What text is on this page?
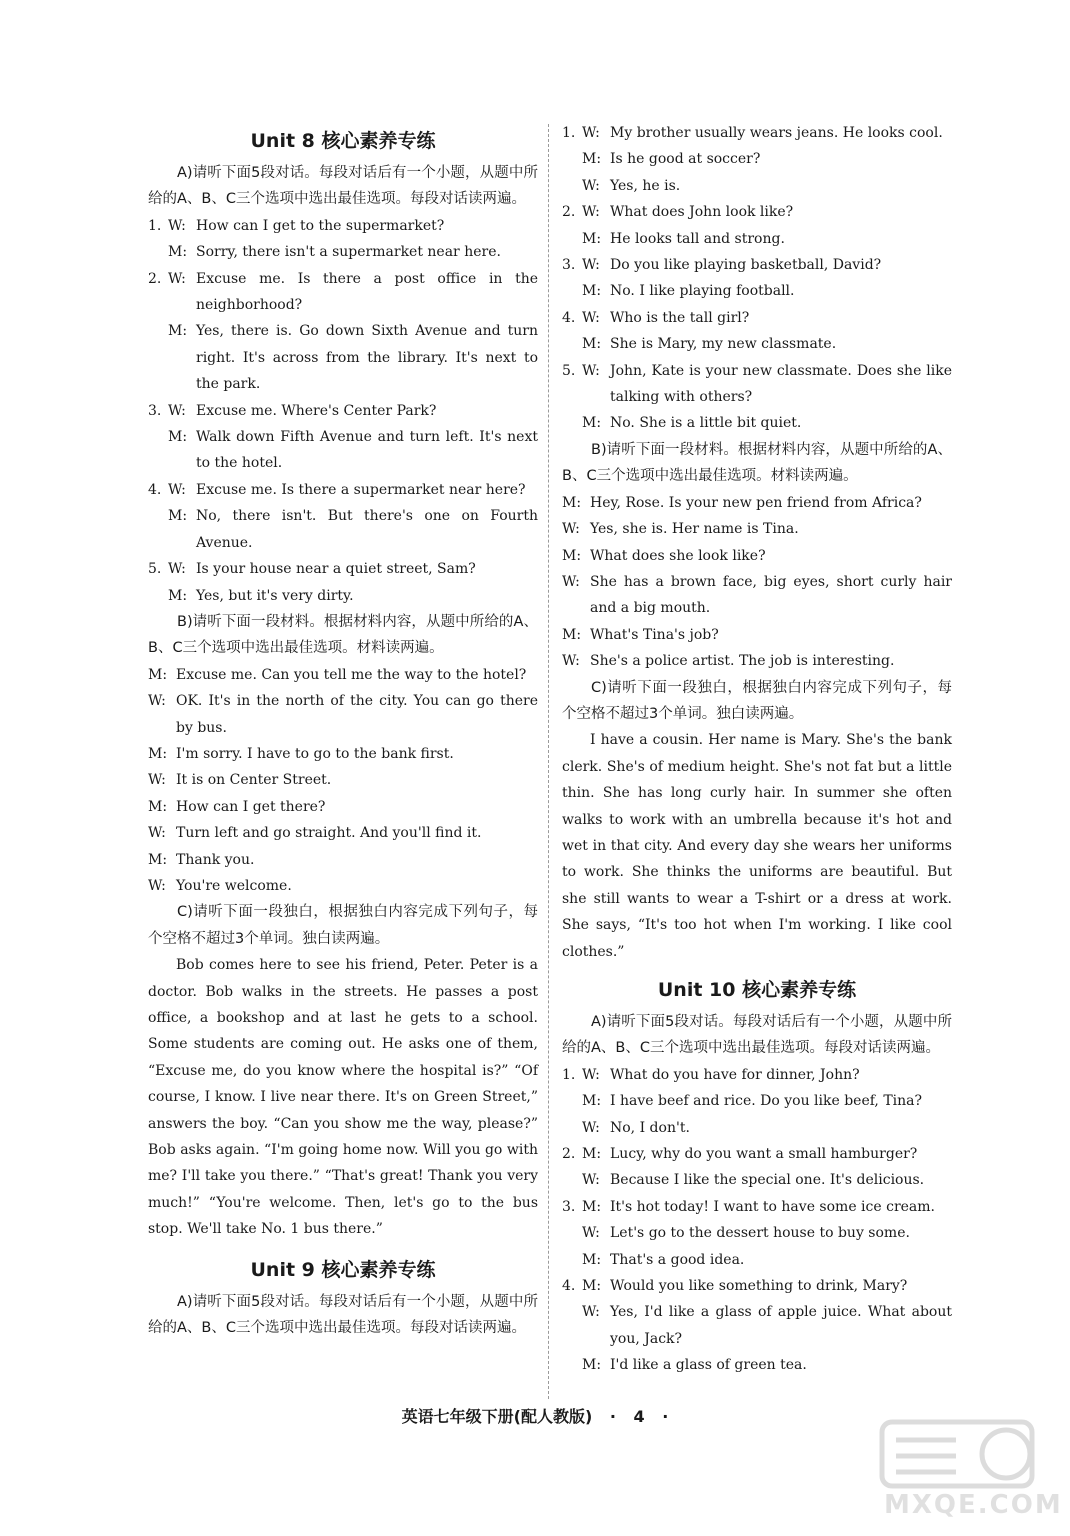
Unit 8 核心素养专练

A)请听下面5段对话。每段对话后有一个小题，从题中所给的A、B、C三个选项中选出最佳选项。每段对话读两遍。

1. W: How can I get to the supermarket?
M: Sorry, there isn't a supermarket near here.
2. W: Excuse me. Is there a post office in the neighborhood?
M: Yes, there is. Go down Sixth Avenue and turn right. It's across from the library. It's next to the park.
3. W: Excuse me. Where's Center Park?
M: Walk down Fifth Avenue and turn left. It's next to the hotel.
4. W: Excuse me. Is there a supermarket near here?
M: No, there isn't. But there's one on Fourth Avenue.
5. W: Is your house near a quiet street, Sam?
M: Yes, but it's very dirty.

B)请听下面一段材料。根据材料内容，从题中所给的A、B、C三个选项中选出最佳选项。材料读两遍。

M: Excuse me. Can you tell me the way to the hotel?
W: OK. It's in the north of the city. You can go there by bus.
M: I'm sorry. I have to go to the bank first.
W: It is on Center Street.
M: How can I get there?
W: Turn left and go straight. And you'll find it.
M: Thank you.
W: You're welcome.

C)请听下面一段独白，根据独白内容完成下列句子，每个空格不超过3个单词。独白读两遍。

Bob comes here to see his friend, Peter. Peter is a doctor. Bob walks in the streets. He passes a post office, a bookshop and at last he gets to a school. Some students are coming out. He asks one of them, “Excuse me, do you know where the hospital is?” “Of course, I know. I live near there. It's on Green Street,” answers the boy. “Can you show me the way, please?” Bob asks again. “I'm going home now. Will you go with me? I'll take you there.” “That's great! Thank you very much!” “You're welcome. Then, let's go to the bus stop. We'll take No. 1 bus there.”

Unit 9 核心素养专练

A)请听下面5段对话。每段对话后有一个小题，从题中所给的A、B、C三个选项中选出最佳选项。每段对话读两遍。

1. W: My brother usually wears jeans. He looks cool.
M: Is he good at soccer?
W: Yes, he is.
2. W: What does John look like?
M: He looks tall and strong.
3. W: Do you like playing basketball, David?
M: No. I like playing football.
4. W: Who is the tall girl?
M: She is Mary, my new classmate.
5. W: John, Kate is your new classmate. Does she like talking with others?
M: No. She is a little bit quiet.

B)请听下面一段材料。根据材料内容，从题中所给的A、B、C三个选项中选出最佳选项。材料读两遍。

M: Hey, Rose. Is your new pen friend from Africa?
W: Yes, she is. Her name is Tina.
M: What does she look like?
W: She has a brown face, big eyes, short curly hair and a big mouth.
M: What's Tina's job?
W: She's a police artist. The job is interesting.

C)请听下面一段独白，根据独白内容完成下列句子，每个空格不超过3个单词。独白读两遍。

I have a cousin. Her name is Mary. She's the bank clerk. She's of medium height. She's not fat but a little thin. She has long curly hair. In summer she often walks to work with an umbrella because it's hot and wet in that city. And every day she wears her uniforms to work. She thinks the uniforms are beautiful. But she still wants to wear a T-shirt or a dress at work. She says, “It's too hot when I'm working. I like cool clothes.”

Unit 10 核心素养专练

A)请听下面5段对话。每段对话后有一个小题，从题中所给的A、B、C三个选项中选出最佳选项。每段对话读两遍。

1. W: What do you have for dinner, John?
M: I have beef and rice. Do you like beef, Tina?
W: No, I don't.
2. M: Lucy, why do you want a small hamburger?
W: Because I like the special one. It's delicious.
3. M: It's hot today! I want to have some ice cream.
W: Let's go to the dessert house to buy some.
M: That's a good idea.
4. M: Would you like something to drink, Mary?
W: Yes, I'd like a glass of apple juice. What about you, Jack?
M: I'd like a glass of green tea.
英语七年级下册(配人教版) · 4 ·
MXQE.COM
